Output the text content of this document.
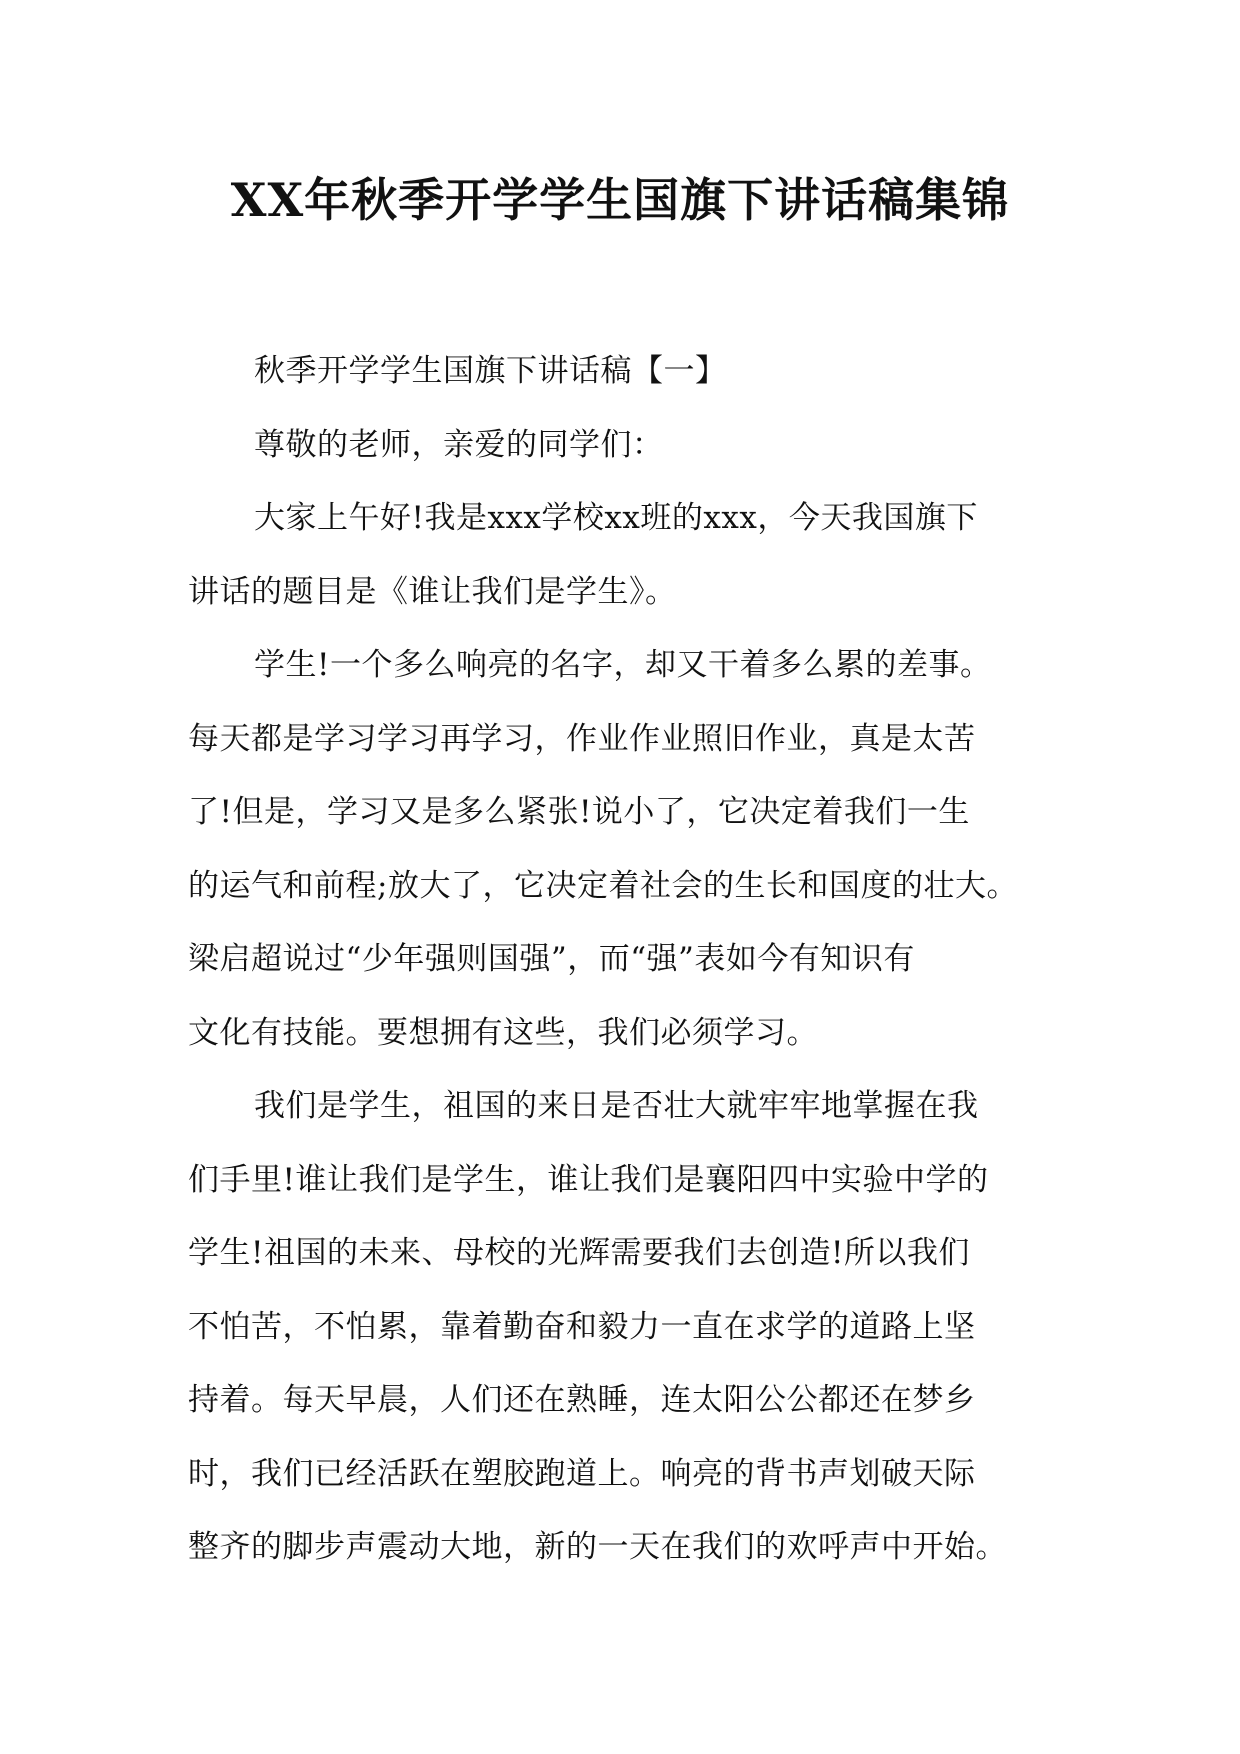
XX年秋季开学学生国旗下讲话稿集锦

秋季开学学生国旗下讲话稿【一】

尊敬的老师，亲爱的同学们：

大家上午好!我是xxx学校xx班的xxx，今天我国旗下
讲话的题目是《谁让我们是学生》。

学生!一个多么响亮的名字，却又干着多么累的差事。
每天都是学习学习再学习，作业作业照旧作业，真是太苦
了!但是，学习又是多么紧张!说小了，它决定着我们一生
的运气和前程;放大了，它决定着社会的生长和国度的壮大。
梁启超说过“少年强则国强”，而“强”表如今有知识有
文化有技能。要想拥有这些，我们必须学习。

我们是学生，祖国的来日是否壮大就牢牢地掌握在我
们手里!谁让我们是学生，谁让我们是襄阳四中实验中学的
学生!祖国的未来、母校的光辉需要我们去创造!所以我们
不怕苦，不怕累，靠着勤奋和毅力一直在求学的道路上坚
持着。每天早晨，人们还在熟睡，连太阳公公都还在梦乡
时，我们已经活跃在塑胶跑道上。响亮的背书声划破天际
整齐的脚步声震动大地，新的一天在我们的欢呼声中开始。
